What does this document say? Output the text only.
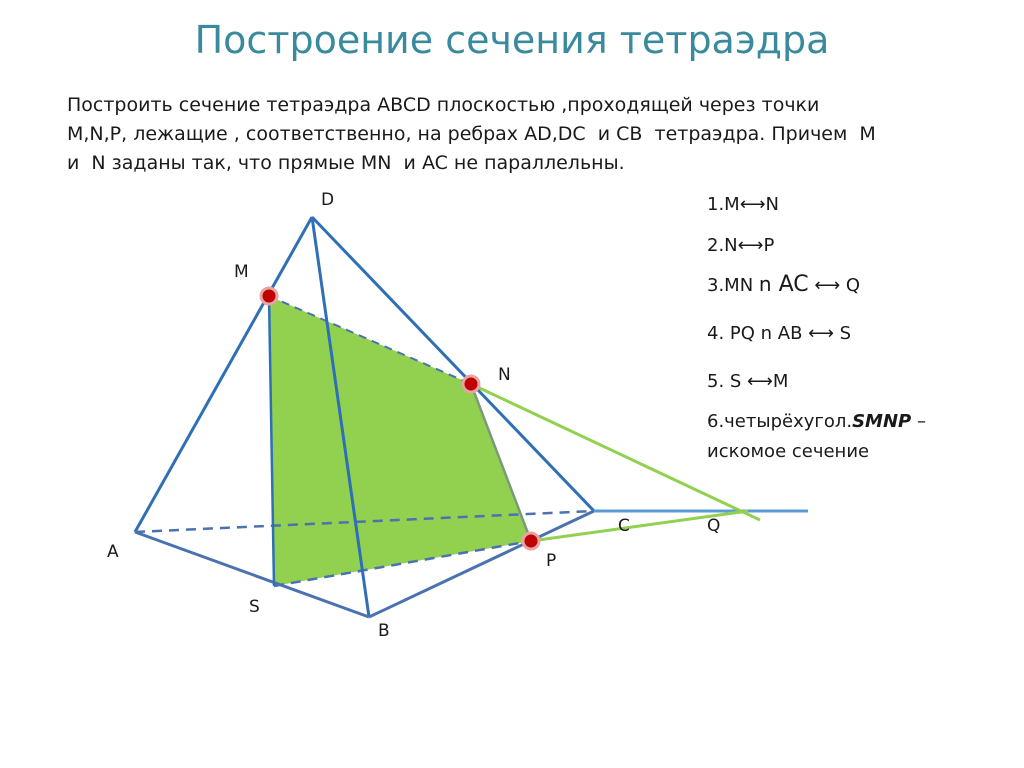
Построение сечения тетраэдра
Построить сечение тетраэдра ABCD плоскостью ,проходящей через точки
M,N,P, лежащие , соответственно, на ребрах AD,DC  и CB  тетраэдра. Причем  M
и  N заданы так, что прямые MN  и AC не параллельны.
D
M
N
A
C	Q
P
S
B
1.M⟷N
2.N⟷P
3.MN n AC ⟷ Q
4. PQ n AB ⟷ S
5. S ⟷M
6.четырёхугол.SMNP –
искомое сечение
